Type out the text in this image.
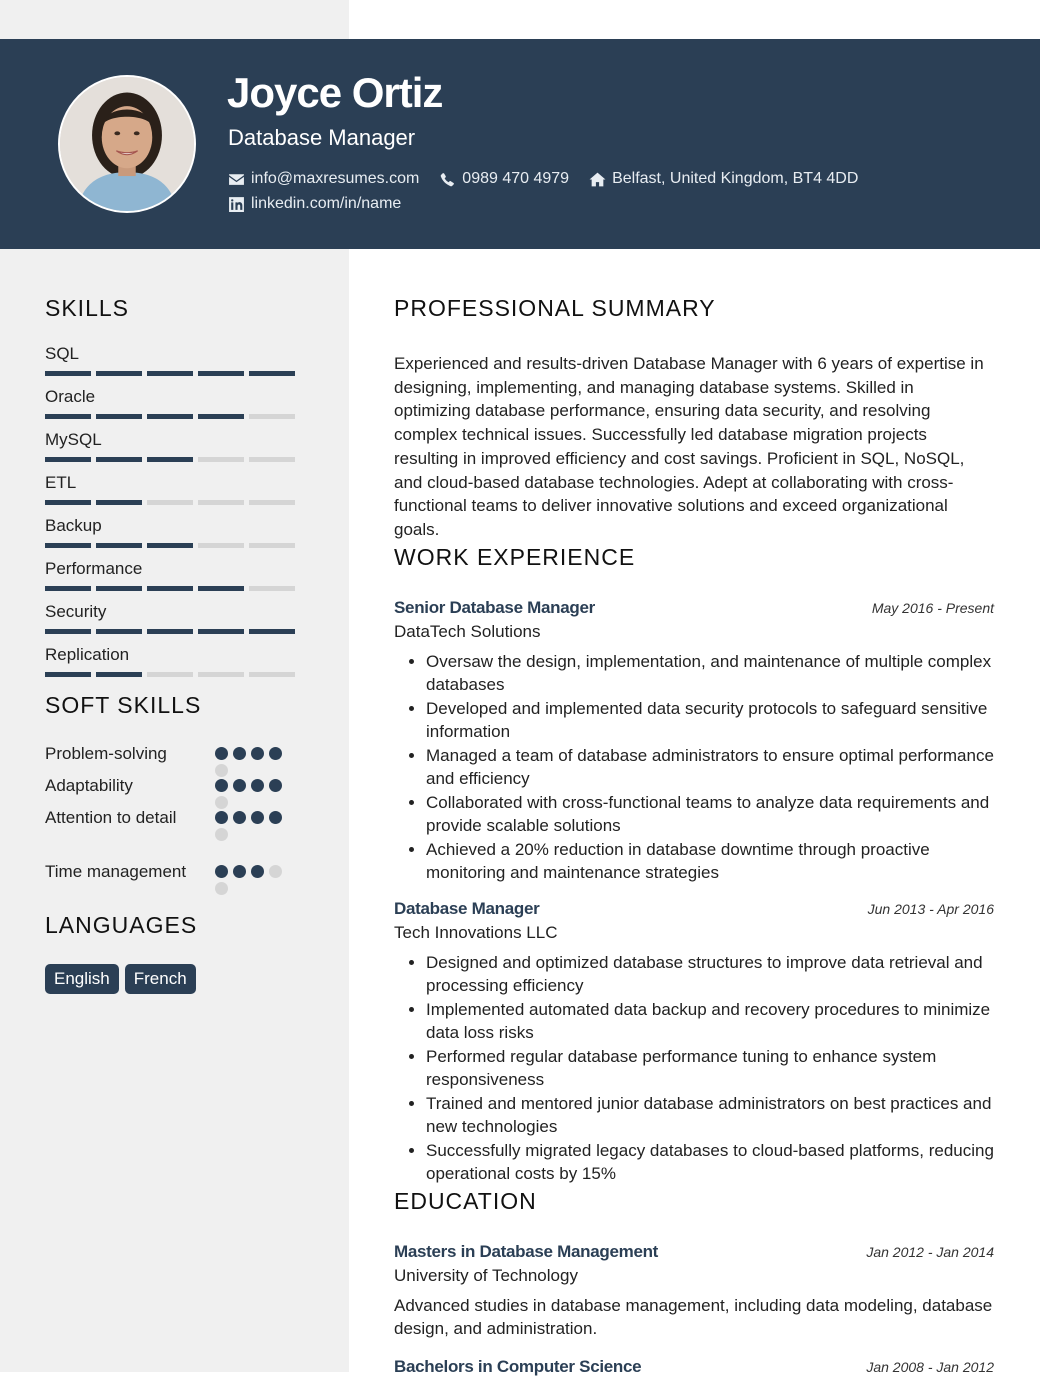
Joyce Ortiz
Database Manager
info@maxresumes.com	0989 470 4979	Belfast, United Kingdom, BT4 4DD
linkedin.com/in/name
SKILLS
SQL
Oracle
MySQL
ETL
Backup
Performance
Security
Replication
SOFT SKILLS
Problem-solving
Adaptability
Attention to detail
Time management
LANGUAGES
English	French
PROFESSIONAL SUMMARY

Experienced and results-driven Database Manager with 6 years of expertise in designing, implementing, and managing database systems. Skilled in optimizing database performance, ensuring data security, and resolving complex technical issues. Successfully led database migration projects resulting in improved efficiency and cost savings. Proficient in SQL, NoSQL, and cloud-based database technologies. Adept at collaborating with cross-functional teams to deliver innovative solutions and exceed organizational goals.

WORK EXPERIENCE
Senior Database Manager	May 2016 - Present
DataTech Solutions
• Oversaw the design, implementation, and maintenance of multiple complex databases
• Developed and implemented data security protocols to safeguard sensitive information
• Managed a team of database administrators to ensure optimal performance and efficiency
• Collaborated with cross-functional teams to analyze data requirements and provide scalable solutions
• Achieved a 20% reduction in database downtime through proactive monitoring and maintenance strategies
Database Manager	Jun 2013 - Apr 2016
Tech Innovations LLC
• Designed and optimized database structures to improve data retrieval and processing efficiency
• Implemented automated data backup and recovery procedures to minimize data loss risks
• Performed regular database performance tuning to enhance system responsiveness
• Trained and mentored junior database administrators on best practices and new technologies
• Successfully migrated legacy databases to cloud-based platforms, reducing operational costs by 15%
EDUCATION
Masters in Database Management	Jan 2012 - Jan 2014
University of Technology
Advanced studies in database management, including data modeling, database design, and administration.
Bachelors in Computer Science	Jan 2008 - Jan 2012
